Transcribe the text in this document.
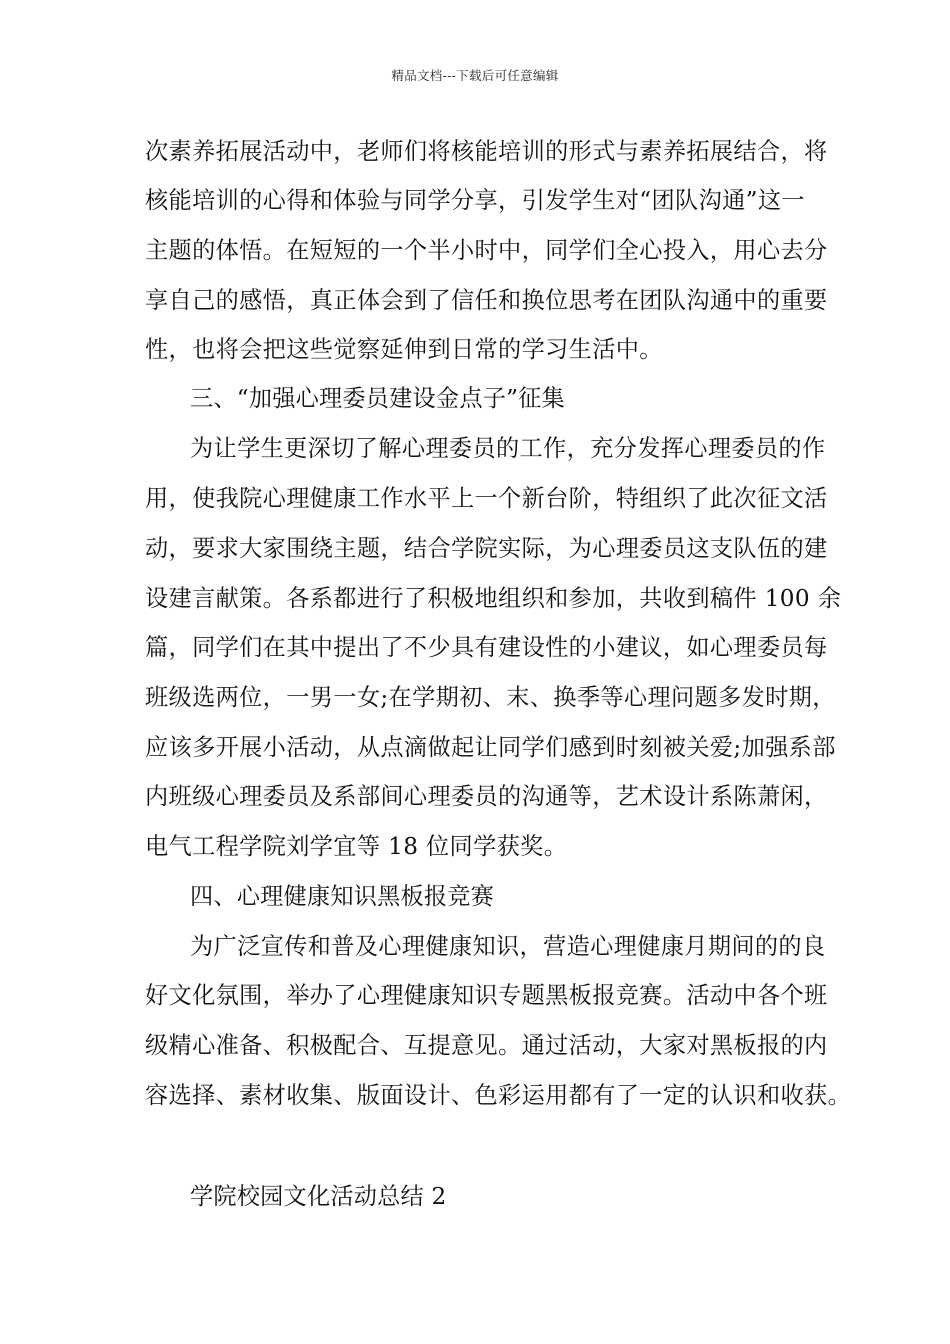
精品文档---下载后可任意编辑
次素养拓展活动中，老师们将核能培训的形式与素养拓展结合，将
核能培训的心得和体验与同学分享，引发学生对“团队沟通”这一
主题的体悟。在短短的一个半小时中，同学们全心投入，用心去分
享自己的感悟，真正体会到了信任和换位思考在团队沟通中的重要
性，也将会把这些觉察延伸到日常的学习生活中。
三、“加强心理委员建设金点子”征集
为让学生更深切了解心理委员的工作，充分发挥心理委员的作
用，使我院心理健康工作水平上一个新台阶，特组织了此次征文活
动，要求大家围绕主题，结合学院实际，为心理委员这支队伍的建
设建言献策。各系都进行了积极地组织和参加，共收到稿件 100 余
篇，同学们在其中提出了不少具有建设性的小建议，如心理委员每
班级选两位，一男一女;在学期初、末、换季等心理问题多发时期，
应该多开展小活动，从点滴做起让同学们感到时刻被关爱;加强系部
内班级心理委员及系部间心理委员的沟通等，艺术设计系陈萧闲，
电气工程学院刘学宜等 18 位同学获奖。
四、心理健康知识黑板报竞赛
为广泛宣传和普及心理健康知识，营造心理健康月期间的的良
好文化氛围，举办了心理健康知识专题黑板报竞赛。活动中各个班
级精心准备、积极配合、互提意见。通过活动，大家对黑板报的内
容选择、素材收集、版面设计、色彩运用都有了一定的认识和收获。
学院校园文化活动总结 2
